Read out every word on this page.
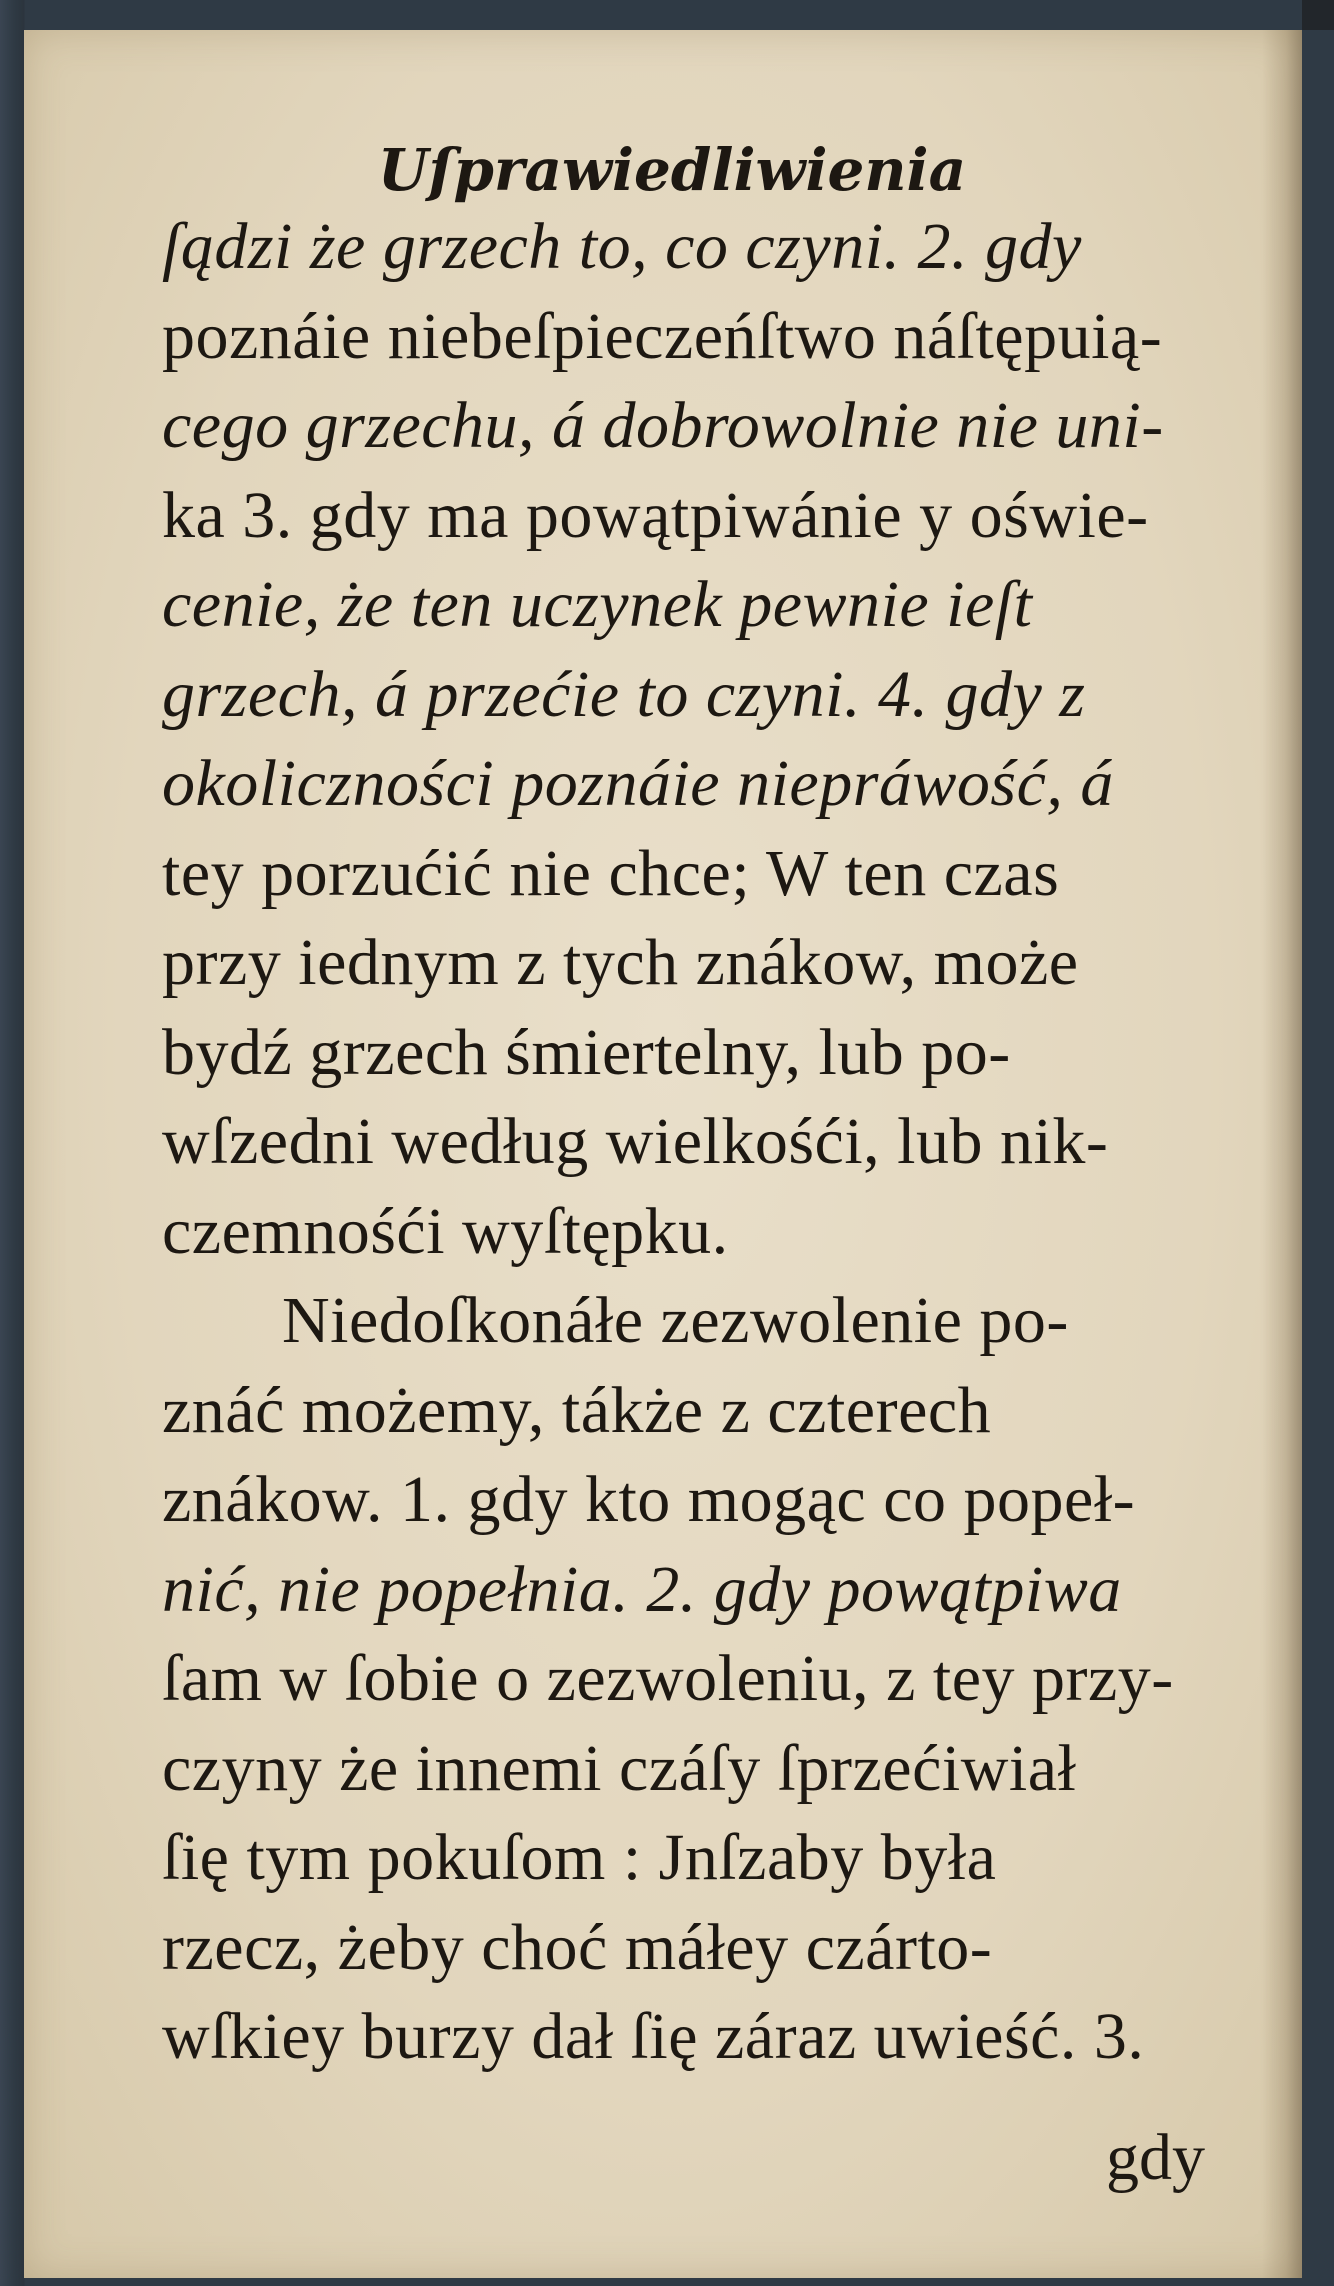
Uſprawiedliwienia
ſądzi że grzech to, co czyni. 2. gdy
poznáie niebeſpieczeńſtwo náſtępuią-
cego grzechu, á dobrowolnie nie uni-
ka 3. gdy ma powątpiwánie y oświe-
cenie, że ten uczynek pewnie ieſt
grzech, á przećie to czyni. 4. gdy z
okoliczności poznáie niepráwość, á
tey porzućić nie chce; W ten czas
przy iednym z tych znákow, może
bydź grzech śmiertelny, lub po-
wſzedni według wielkośći, lub nik-
czemnośći wyſtępku.
Niedoſkonáłe zezwolenie po-
znáć możemy, tákże z czterech
znákow. 1. gdy kto mogąc co popeł-
nić, nie popełnia. 2. gdy powątpiwa
ſam w ſobie o zezwoleniu, z tey przy-
czyny że innemi czáſy ſprzećiwiał
ſię tym pokuſom : Jnſzaby była
rzecz, żeby choć máłey czárto-
wſkiey burzy dał ſię záraz uwieść. 3.
gdy
